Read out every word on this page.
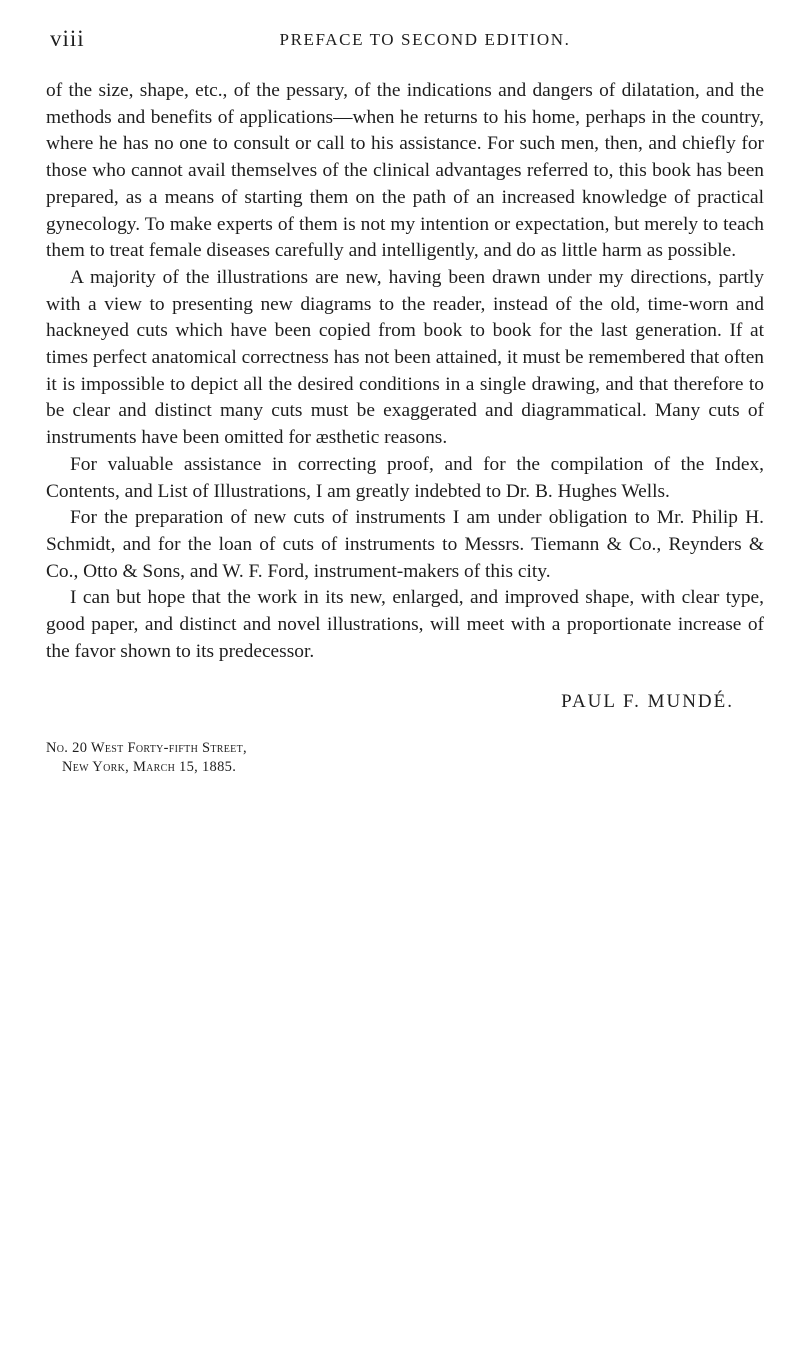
viii	PREFACE TO SECOND EDITION.

of the size, shape, etc., of the pessary, of the indications and dangers of dilatation, and the methods and benefits of applications—when he returns to his home, perhaps in the country, where he has no one to consult or call to his assistance. For such men, then, and chiefly for those who cannot avail themselves of the clinical advantages referred to, this book has been prepared, as a means of starting them on the path of an increased knowledge of practical gynecology. To make experts of them is not my intention or expectation, but merely to teach them to treat female diseases carefully and intelligently, and do as little harm as possible.

A majority of the illustrations are new, having been drawn under my directions, partly with a view to presenting new diagrams to the reader, instead of the old, time-worn and hackneyed cuts which have been copied from book to book for the last generation. If at times perfect anatomical correctness has not been attained, it must be remembered that often it is impossible to depict all the desired conditions in a single drawing, and that therefore to be clear and distinct many cuts must be exaggerated and diagrammatical. Many cuts of instruments have been omitted for æsthetic reasons.

For valuable assistance in correcting proof, and for the compilation of the Index, Contents, and List of Illustrations, I am greatly indebted to Dr. B. Hughes Wells.

For the preparation of new cuts of instruments I am under obligation to Mr. Philip H. Schmidt, and for the loan of cuts of instruments to Messrs. Tiemann & Co., Reynders & Co., Otto & Sons, and W. F. Ford, instrument-makers of this city.

I can but hope that the work in its new, enlarged, and improved shape, with clear type, good paper, and distinct and novel illustrations, will meet with a proportionate increase of the favor shown to its predecessor.

PAUL F. MUNDÉ.
No. 20 West Forty-fifth Street,
New York, March 15, 1885.
